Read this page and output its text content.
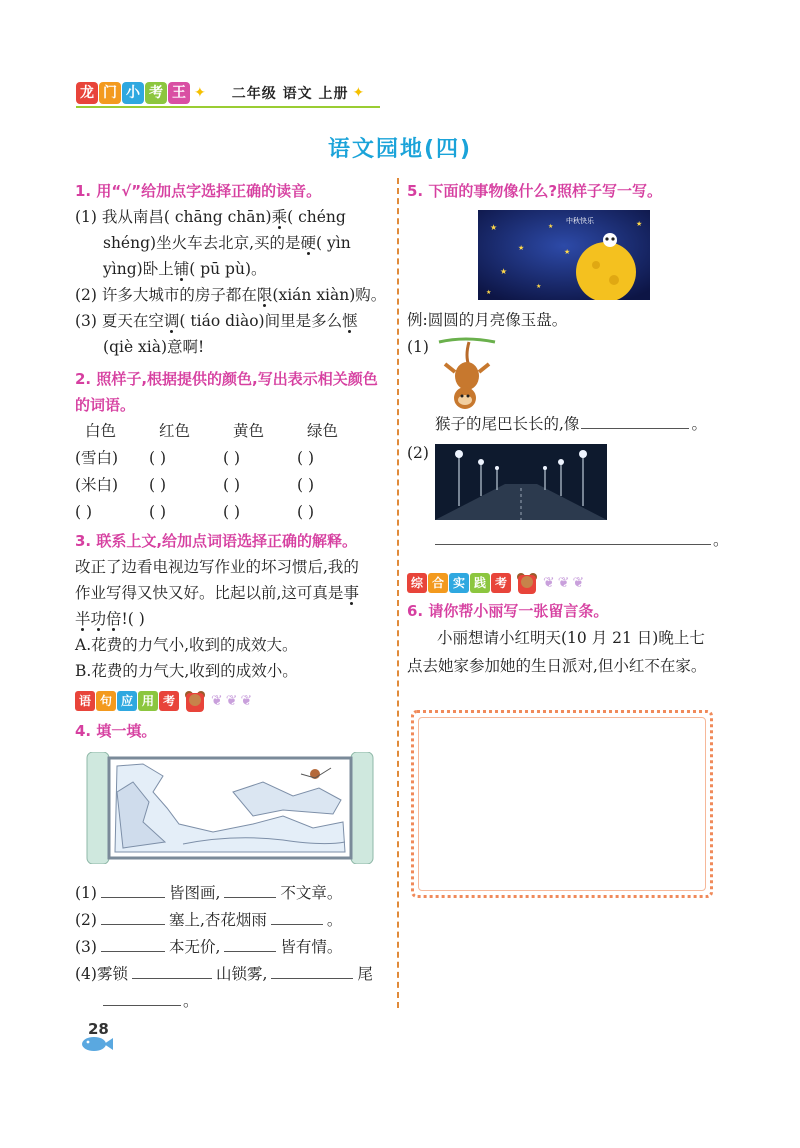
龙 门 小 考 王 ✦ 二年级 语文 上册 ✦
语文园地(四)
1. 用“√”给加点字选择正确的读音。
(1) 我从南昌( chāng chān)乘( chéng
shéng)坐火车去北京,买的是硬( yìn
yìng)卧上铺( pū pù)。
(2) 许多大城市的房子都在限(xián xiàn)购。
(3) 夏天在空调( tiáo diào)间里是多么惬
(qiè xià)意啊!
2. 照样子,根据提供的颜色,写出表示相关颜色的词语。
白色	红色	黄色	绿色
(雪白)	( )	( )	( )
(米白)	( )	( )	( )
( )	( )	( )	( )
3. 联系上文,给加点词语选择正确的解释。
改正了边看电视边写作业的坏习惯后,我的
作业写得又快又好。比起以前,这可真是事
半功倍!( )
A.花费的力气小,收到的成效大。
B.花费的力气大,收到的成效小。
语 句 应 用 考	❦❦❦
4. 填一填。
(1)	皆图画,	不文章。
(2)	塞上,杏花烟雨	。
(3)	本无价,	皆有情。
(4)雾锁	山锁雾,	尾
。
5. 下面的事物像什么?照样子写一写。
★
★
★
★
★
★
★
★
中秋快乐
例:圆圆的月亮像玉盘。
(1)
猴子的尾巴长长的,像	。
(2)
。
综 合 实 践 考	❦❦❦
6. 请你帮小丽写一张留言条。
小丽想请小红明天(10 月 21 日)晚上七
点去她家参加她的生日派对,但小红不在家。
28
